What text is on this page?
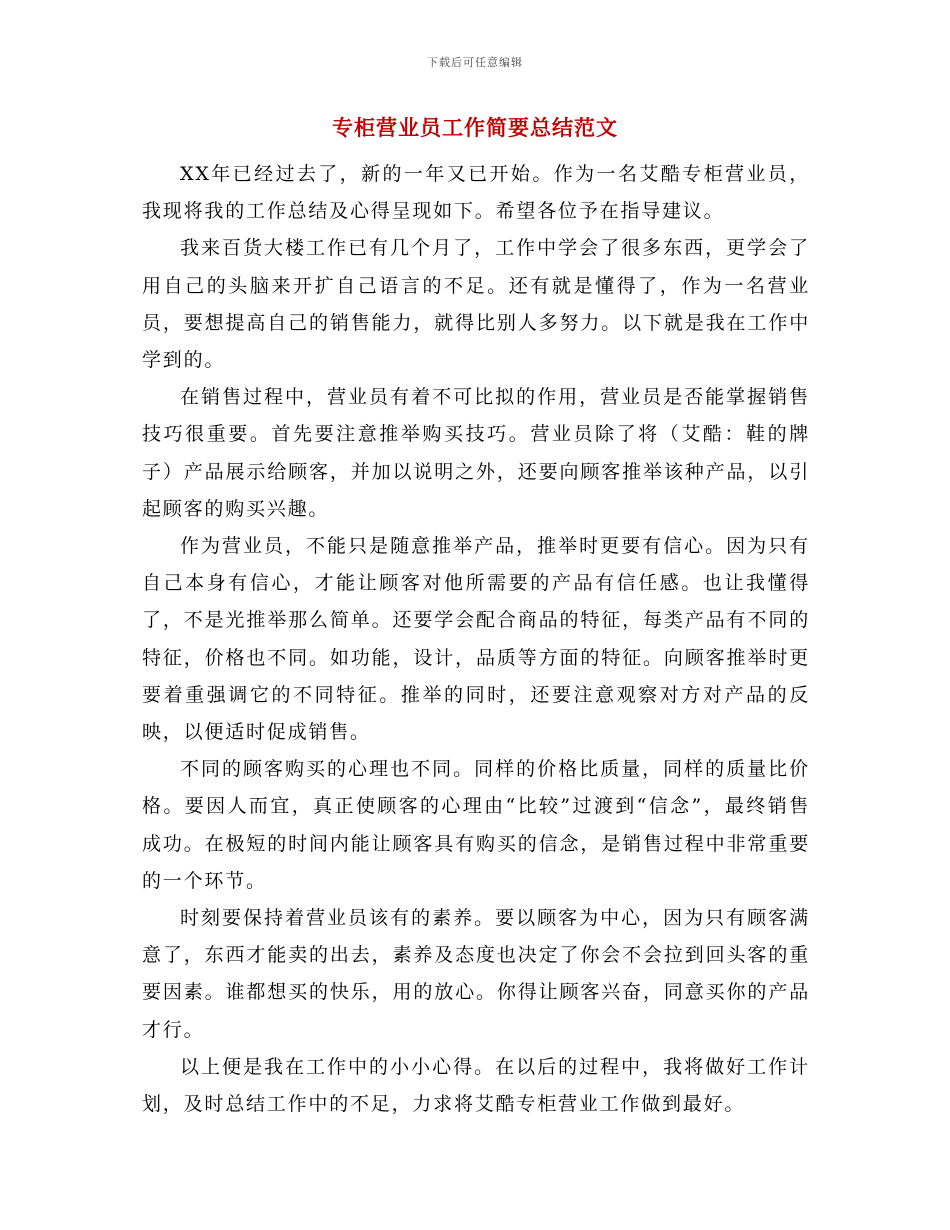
下载后可任意编辑
专柜营业员工作简要总结范文

XX年已经过去了，新的一年又已开始。作为一名艾酷专柜营业员，我现将我的工作总结及心得呈现如下。希望各位予在指导建议。

我来百货大楼工作已有几个月了，工作中学会了很多东西，更学会了用自己的头脑来开扩自己语言的不足。还有就是懂得了，作为一名营业员，要想提高自己的销售能力，就得比别人多努力。以下就是我在工作中学到的。

在销售过程中，营业员有着不可比拟的作用，营业员是否能掌握销售技巧很重要。首先要注意推举购买技巧。营业员除了将（艾酷：鞋的牌子）产品展示给顾客，并加以说明之外，还要向顾客推举该种产品，以引起顾客的购买兴趣。

作为营业员，不能只是随意推举产品，推举时更要有信心。因为只有自己本身有信心，才能让顾客对他所需要的产品有信任感。也让我懂得了，不是光推举那么简单。还要学会配合商品的特征，每类产品有不同的特征，价格也不同。如功能，设计，品质等方面的特征。向顾客推举时更要着重强调它的不同特征。推举的同时，还要注意观察对方对产品的反映，以便适时促成销售。

不同的顾客购买的心理也不同。同样的价格比质量，同样的质量比价格。要因人而宜，真正使顾客的心理由“比较”过渡到“信念”，最终销售成功。在极短的时间内能让顾客具有购买的信念，是销售过程中非常重要的一个环节。

时刻要保持着营业员该有的素养。要以顾客为中心，因为只有顾客满意了，东西才能卖的出去，素养及态度也决定了你会不会拉到回头客的重要因素。谁都想买的快乐，用的放心。你得让顾客兴奋，同意买你的产品才行。

以上便是我在工作中的小小心得。在以后的过程中，我将做好工作计划，及时总结工作中的不足，力求将艾酷专柜营业工作做到最好。
